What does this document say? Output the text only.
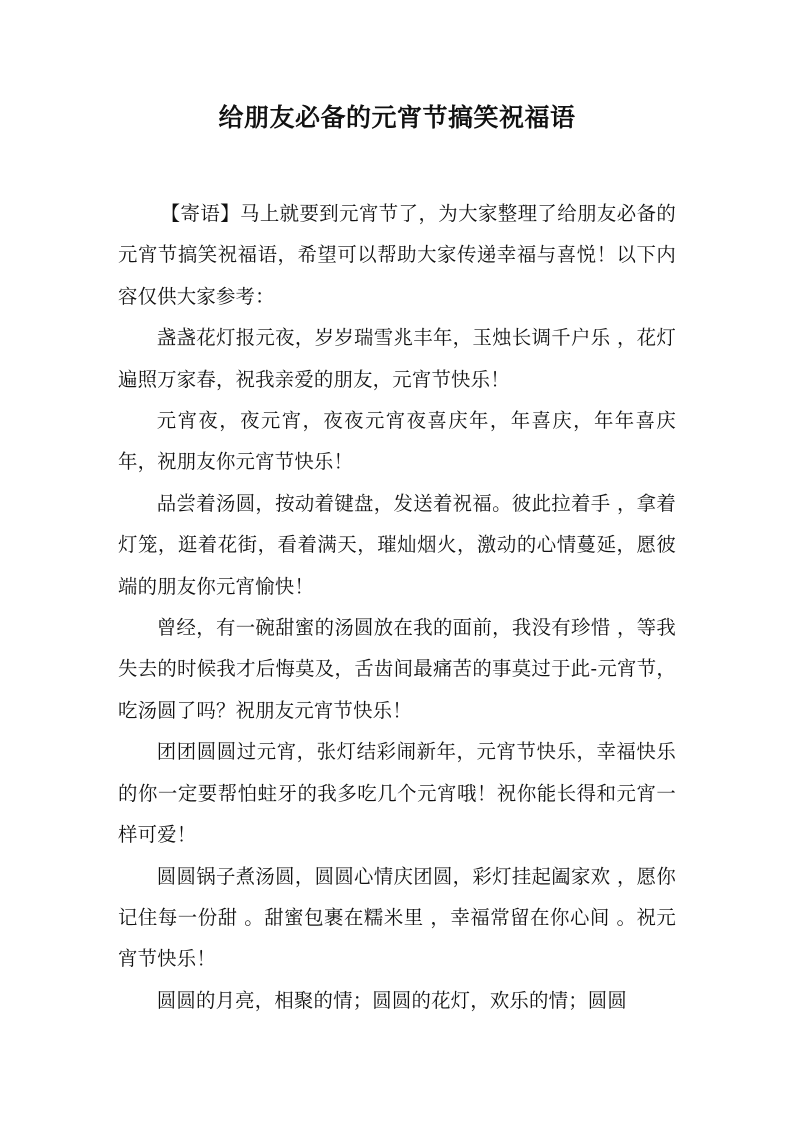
给朋友必备的元宵节搞笑祝福语

【寄语】马上就要到元宵节了，为大家整理了给朋友必备的元宵节搞笑祝福语，希望可以帮助大家传递幸福与喜悦！以下内容仅供大家参考：

盏盏花灯报元夜，岁岁瑞雪兆丰年，玉烛长调千户乐 ，花灯遍照万家春，祝我亲爱的朋友，元宵节快乐！

元宵夜，夜元宵，夜夜元宵夜喜庆年，年喜庆，年年喜庆年，祝朋友你元宵节快乐！

品尝着汤圆，按动着键盘，发送着祝福。彼此拉着手 ，拿着灯笼，逛着花街，看着满天，璀灿烟火，激动的心情蔓延，愿彼端的朋友你元宵愉快！

曾经，有一碗甜蜜的汤圆放在我的面前，我没有珍惜 ，等我失去的时候我才后悔莫及，舌齿间最痛苦的事莫过于此-元宵节，吃汤圆了吗？祝朋友元宵节快乐！

团团圆圆过元宵，张灯结彩闹新年，元宵节快乐，幸福快乐的你一定要帮怕蛀牙的我多吃几个元宵哦！祝你能长得和元宵一样可爱！

圆圆锅子煮汤圆，圆圆心情庆团圆，彩灯挂起阖家欢 ，愿你记住每一份甜 。甜蜜包裹在糯米里 ，幸福常留在你心间 。祝元宵节快乐！

圆圆的月亮，相聚的情；圆圆的花灯，欢乐的情；圆圆
